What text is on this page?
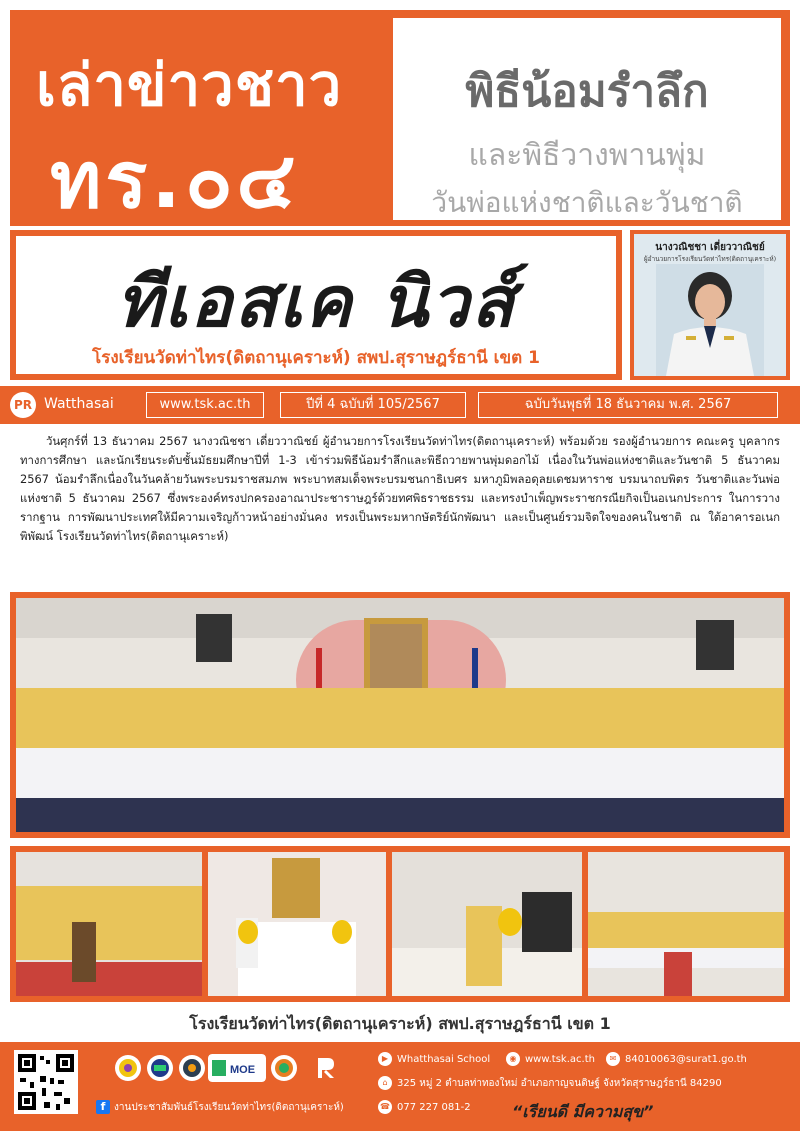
เล่าข่าวชาว
ทร.๐๔
พิธีน้อมรำลึก
และพิธีวางพานพุ่ม
วันพ่อแห่งชาติและวันชาติ
ทีเอสเค นิวส์
โรงเรียนวัดท่าไทร(ดิตถานุเคราะห์) สพป.สุราษฎร์ธานี เขต 1
นางวณิชชา เดี่ยววาณิชย์
ผู้อำนวยการโรงเรียนวัดท่าไทร(ดิตถานุเคราะห์)
PR Watthasai	www.tsk.ac.th	ปีที่ 4 ฉบับที่ 105/2567	ฉบับวันพุธที่ 18 ธันวาคม พ.ศ. 2567
วันศุกร์ที่ 13 ธันวาคม 2567 นางวณิชชา เดี่ยววาณิชย์ ผู้อำนวยการโรงเรียนวัดท่าไทร(ดิตถานุเคราะห์) พร้อมด้วย รองผู้อำนวยการ คณะครู บุคลากรทางการศึกษา และนักเรียนระดับชั้นมัธยมศึกษาปีที่ 1-3 เข้าร่วมพิธีน้อมรำลึกและพิธีถวายพานพุ่มดอกไม้ เนื่องในวันพ่อแห่งชาติและวันชาติ 5 ธันวาคม 2567 น้อมรำลึกเนื่องในวันคล้ายวันพระบรมราชสมภพ พระบาทสมเด็จพระบรมชนกาธิเบศร มหาภูมิพลอดุลยเดชมหาราช บรมนาถบพิตร วันชาติและวันพ่อแห่งชาติ 5 ธันวาคม 2567 ซึ่งพระองค์ทรงปกครองอาณาประชาราษฎร์ด้วยทศพิธราชธรรม และทรงบำเพ็ญพระราชกรณียกิจเป็นอเนกประการ ในการวางรากฐาน การพัฒนาประเทศให้มีความเจริญก้าวหน้าอย่างมั่นคง ทรงเป็นพระมหากษัตริย์นักพัฒนา และเป็นศูนย์รวมจิตใจของคนในชาติ ณ ใต้อาคารอเนกพิพัฒน์ โรงเรียนวัดท่าไทร(ดิตถานุเคราะห์)
โรงเรียนวัดท่าไทร(ดิตถานุเคราะห์) สพป.สุราษฎร์ธานี เขต 1
MOE
f งานประชาสัมพันธ์โรงเรียนวัดท่าไทร(ดิตถานุเคราะห์)
▶ Whatthasai School	◉ www.tsk.ac.th	✉ 84010063@surat1.go.th
⌂ 325 หมู่ 2 ตำบลท่าทองใหม่ อำเภอกาญจนดิษฐ์ จังหวัดสุราษฎร์ธานี 84290
☎ 077 227 081-2	“เรียนดี มีความสุข”
